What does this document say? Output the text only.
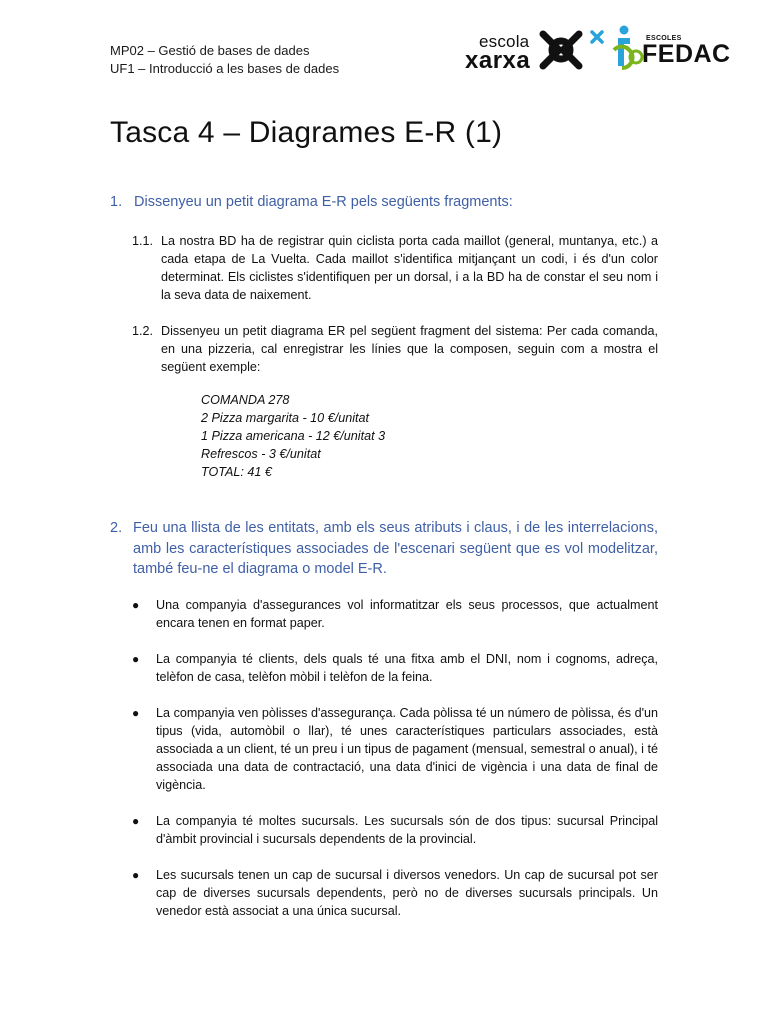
MP02 – Gestió de bases de dades
UF1 – Introducció a les bases de dades
escola
xarxa
ESCOLES
FEDAC
Tasca 4 – Diagrames E-R (1)
1. Dissenyeu un petit diagrama E-R pels següents fragments:
1.1. La nostra BD ha de registrar quin ciclista porta cada maillot (general, muntanya, etc.) a cada etapa de La Vuelta. Cada maillot s'identifica mitjançant un codi, i és d'un color determinat. Els ciclistes s'identifiquen per un dorsal, i a la BD ha de constar el seu nom i la seva data de naixement.
1.2. Dissenyeu un petit diagrama ER pel següent fragment del sistema: Per cada comanda, en una pizzeria, cal enregistrar les línies que la composen, seguin com a mostra el següent exemple:
COMANDA 278
2 Pizza margarita - 10 €/unitat
1 Pizza americana - 12 €/unitat 3
Refrescos - 3 €/unitat
TOTAL: 41 €
2. Feu una llista de les entitats, amb els seus atributs i claus, i de les interrelacions, amb les característiques associades de l'escenari següent que es vol modelitzar, també feu-ne el diagrama o model E-R.
● Una companyia d'assegurances vol informatitzar els seus processos, que actualment encara tenen en format paper.
● La companyia té clients, dels quals té una fitxa amb el DNI, nom i cognoms, adreça, telèfon de casa, telèfon mòbil i telèfon de la feina.
● La companyia ven pòlisses d'assegurança. Cada pòlissa té un número de pòlissa, és d'un tipus (vida, automòbil o llar), té unes característiques particulars associades, està associada a un client, té un preu i un tipus de pagament (mensual, semestral o anual), i té associada una data de contractació, una data d'inici de vigència i una data de final de vigència.
● La companyia té moltes sucursals. Les sucursals són de dos tipus: sucursal Principal d'àmbit provincial i sucursals dependents de la provincial.
● Les sucursals tenen un cap de sucursal i diversos venedors. Un cap de sucursal pot ser cap de diverses sucursals dependents, però no de diverses sucursals principals. Un venedor està associat a una única sucursal.
